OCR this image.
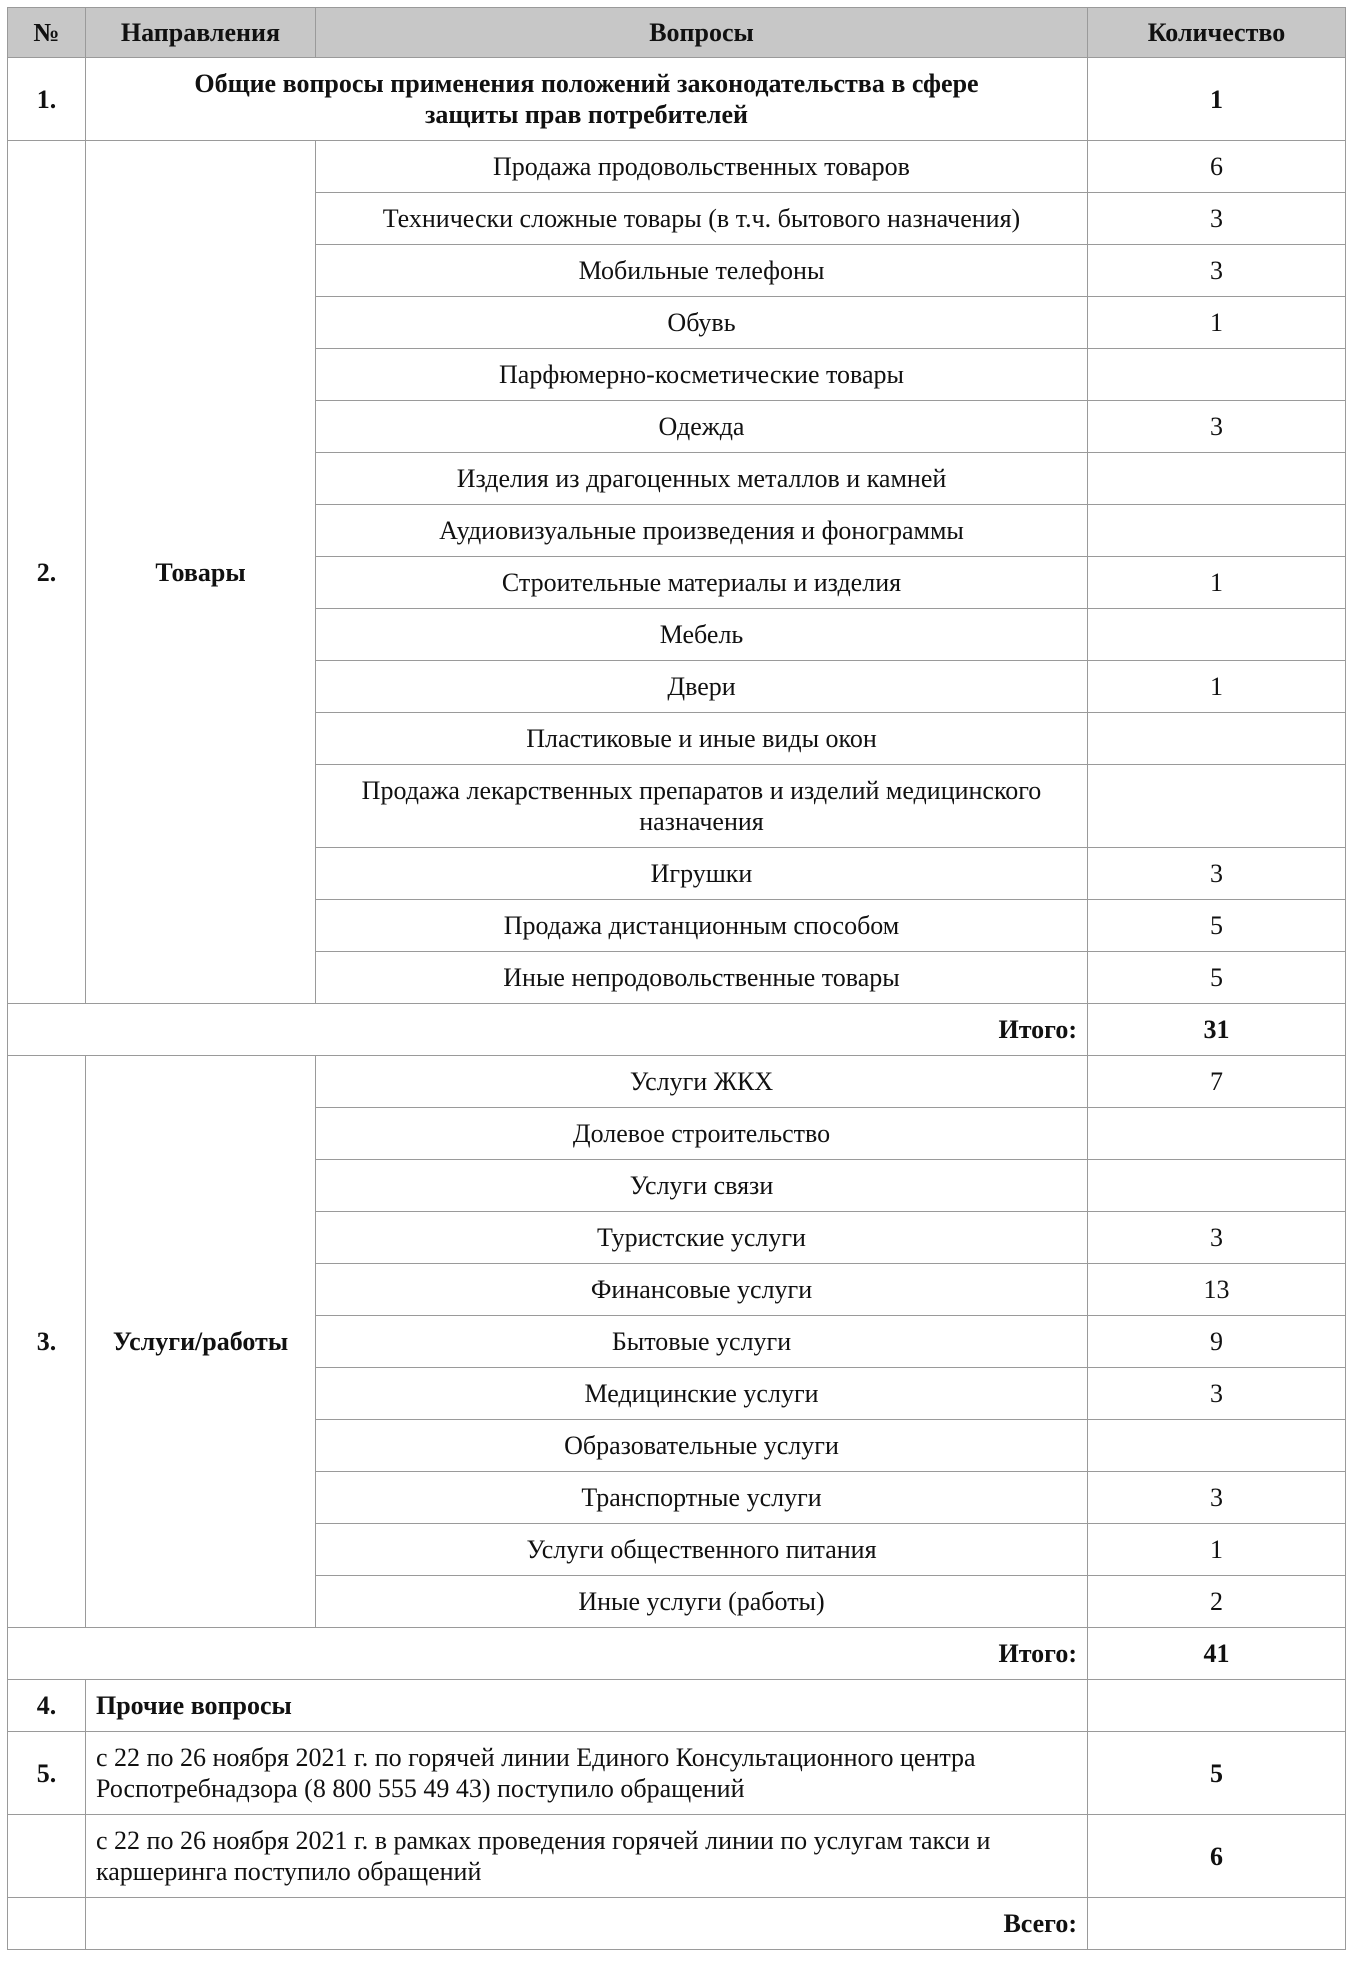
№	Направления	Вопросы	Количество
1.	Общие вопросы применения положений законодательства в сфере защиты прав потребителей		1
2.	Товары	Продажа продовольственных товаров	6
		Технически сложные товары (в т.ч. бытового назначения)	3
		Мобильные телефоны	3
		Обувь	1
		Парфюмерно-косметические товары	
		Одежда	3
		Изделия из драгоценных металлов и камней	
		Аудиовизуальные произведения и фонограммы	
		Строительные материалы и изделия	1
		Мебель	
		Двери	1
		Пластиковые и иные виды окон	
		Продажа лекарственных препаратов и изделий медицинского назначения	
		Игрушки	3
		Продажа дистанционным способом	5
		Иные непродовольственные товары	5
Итого:			31
3.	Услуги/работы	Услуги ЖКХ	7
		Долевое строительство	
		Услуги связи	
		Туристские услуги	3
		Финансовые услуги	13
		Бытовые услуги	9
		Медицинские услуги	3
		Образовательные услуги	
		Транспортные услуги	3
		Услуги общественного питания	1
		Иные услуги (работы)	2
Итого:			41
4.	Прочие вопросы		
5.	с 22 по 26 ноября 2021 г. по горячей линии Единого Консультационного центра Роспотребнадзора (8 800 555 49 43) поступило обращений		5
	с 22 по 26 ноября 2021 г. в рамках проведения горячей линии по услугам такси и каршеринга поступило обращений		6
	Всего:		
